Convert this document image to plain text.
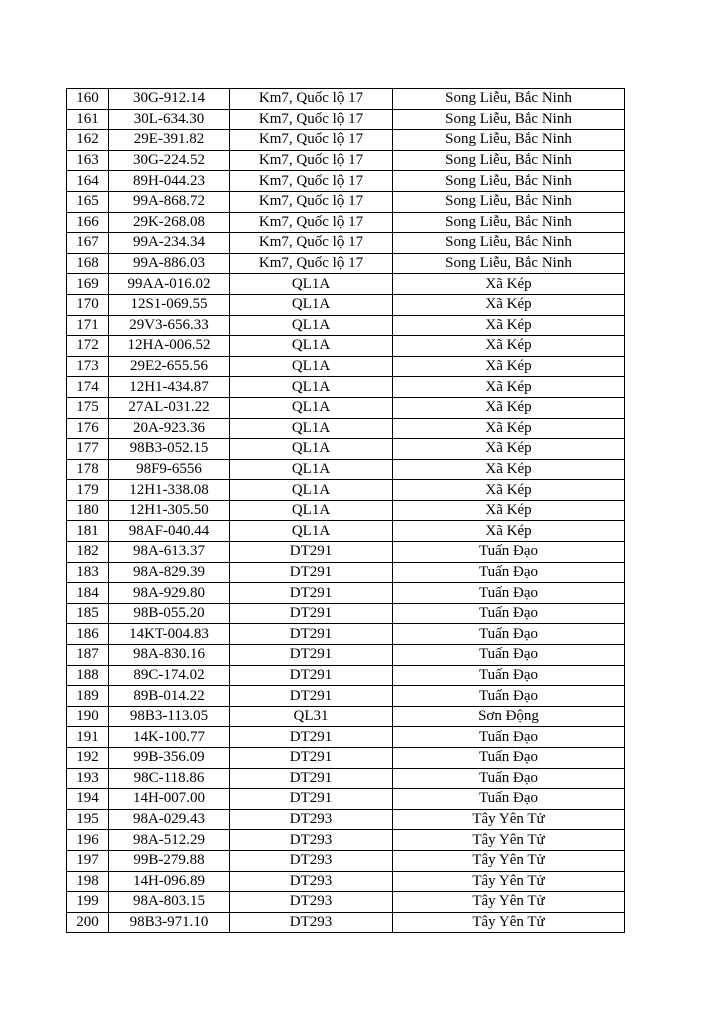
160	30G-912.14	Km7, Quốc lộ 17	Song Liễu, Bắc Ninh
161	30L-634.30	Km7, Quốc lộ 17	Song Liễu, Bắc Ninh
162	29E-391.82	Km7, Quốc lộ 17	Song Liễu, Bắc Ninh
163	30G-224.52	Km7, Quốc lộ 17	Song Liễu, Bắc Ninh
164	89H-044.23	Km7, Quốc lộ 17	Song Liễu, Bắc Ninh
165	99A-868.72	Km7, Quốc lộ 17	Song Liễu, Bắc Ninh
166	29K-268.08	Km7, Quốc lộ 17	Song Liễu, Bắc Ninh
167	99A-234.34	Km7, Quốc lộ 17	Song Liễu, Bắc Ninh
168	99A-886.03	Km7, Quốc lộ 17	Song Liễu, Bắc Ninh
169	99AA-016.02	QL1A	Xã Kép
170	12S1-069.55	QL1A	Xã Kép
171	29V3-656.33	QL1A	Xã Kép
172	12HA-006.52	QL1A	Xã Kép
173	29E2-655.56	QL1A	Xã Kép
174	12H1-434.87	QL1A	Xã Kép
175	27AL-031.22	QL1A	Xã Kép
176	20A-923.36	QL1A	Xã Kép
177	98B3-052.15	QL1A	Xã Kép
178	98F9-6556	QL1A	Xã Kép
179	12H1-338.08	QL1A	Xã Kép
180	12H1-305.50	QL1A	Xã Kép
181	98AF-040.44	QL1A	Xã Kép
182	98A-613.37	DT291	Tuấn Đạo
183	98A-829.39	DT291	Tuấn Đạo
184	98A-929.80	DT291	Tuấn Đạo
185	98B-055.20	DT291	Tuấn Đạo
186	14KT-004.83	DT291	Tuấn Đạo
187	98A-830.16	DT291	Tuấn Đạo
188	89C-174.02	DT291	Tuấn Đạo
189	89B-014.22	DT291	Tuấn Đạo
190	98B3-113.05	QL31	Sơn Động
191	14K-100.77	DT291	Tuấn Đạo
192	99B-356.09	DT291	Tuấn Đạo
193	98C-118.86	DT291	Tuấn Đạo
194	14H-007.00	DT291	Tuấn Đạo
195	98A-029.43	DT293	Tây Yên Tử
196	98A-512.29	DT293	Tây Yên Tử
197	99B-279.88	DT293	Tây Yên Tử
198	14H-096.89	DT293	Tây Yên Tử
199	98A-803.15	DT293	Tây Yên Tử
200	98B3-971.10	DT293	Tây Yên Tử
